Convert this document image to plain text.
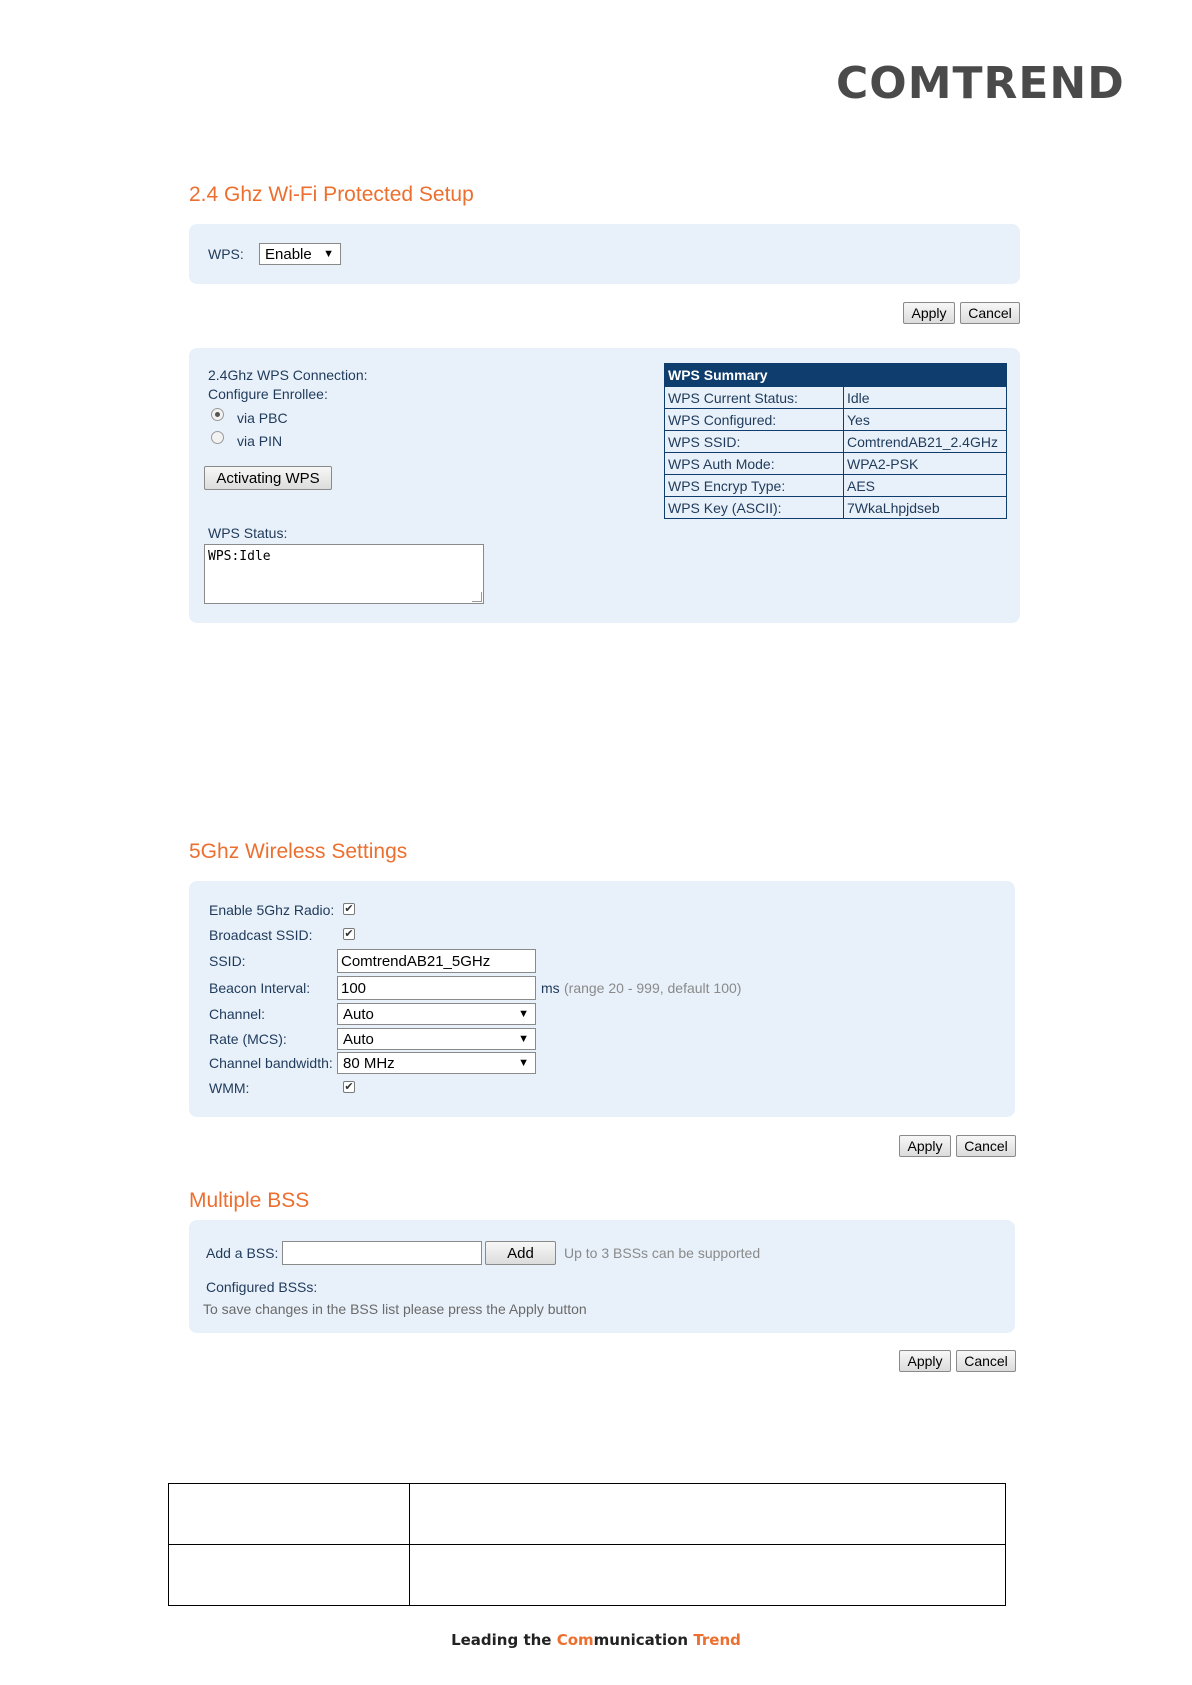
COMTREND
2.4 Ghz Wi-Fi Protected Setup
WPS: Enable ▼
Apply	Cancel
2.4Ghz WPS Connection:
Configure Enrollee:
via PBC
via PIN
Activating WPS
WPS Status:
WPS:Idle
WPS Summary	
WPS Current Status:	Idle
WPS Configured:	Yes
WPS SSID:	ComtrendAB21_2.4GHz
WPS Auth Mode:	WPA2-PSK
WPS Encryp Type:	AES
WPS Key (ASCII):	7WkaLhpjdseb
5Ghz Wireless Settings
Enable 5Ghz Radio: ✔
Broadcast SSID:	✔
SSID:	ComtrendAB21_5GHz
Beacon Interval: 100	ms (range 20 - 999, default 100)
Channel:	Auto	▼
Rate (MCS):	Auto	▼
Channel bandwidth: 80 MHz	▼
WMM:	✔
Apply	Cancel
Multiple BSS
Add a BSS:	Add	Up to 3 BSSs can be supported
Configured BSSs:
To save changes in the BSS list please press the Apply button
Apply	Cancel

Leading the Communication Trend
